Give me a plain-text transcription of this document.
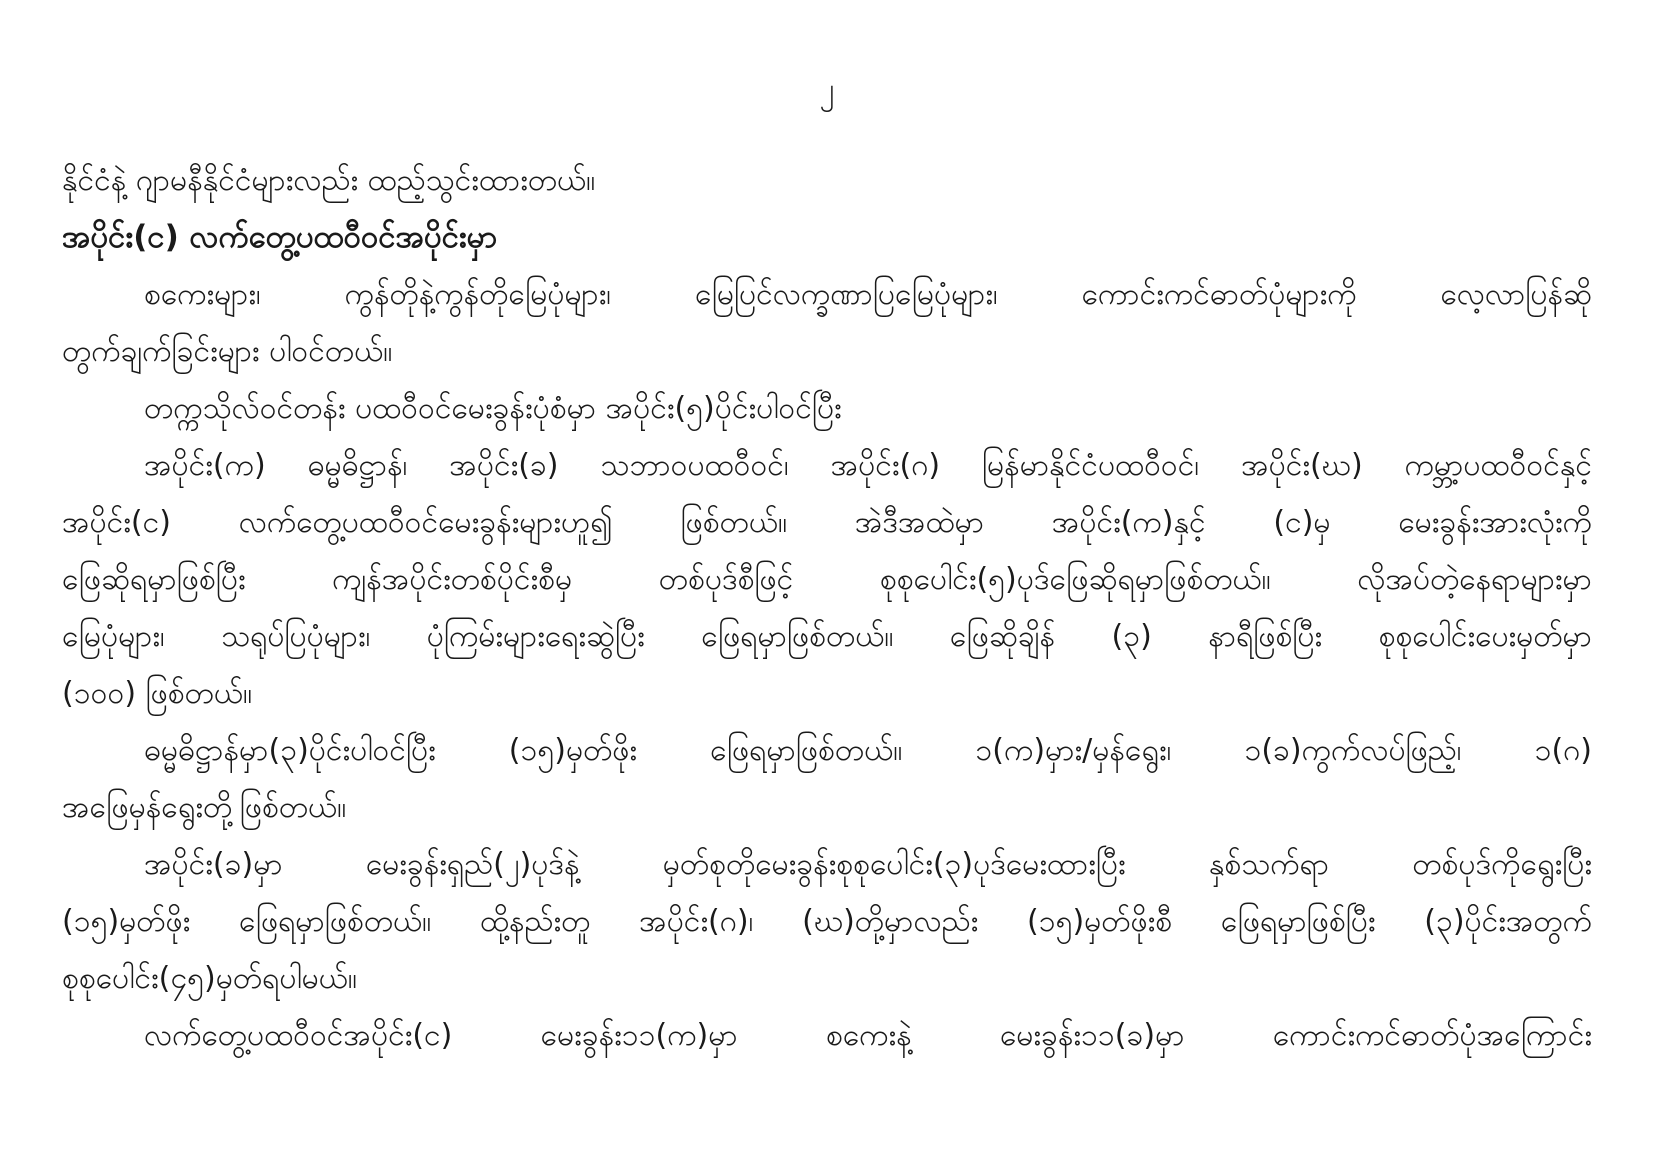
၂
နိုင်ငံနဲ့ ဂျာမနီနိုင်ငံများလည်း ထည့်သွင်းထားတယ်။
အပိုင်း(င) လက်တွေ့ပထဝီဝင်အပိုင်းမှာ
စကေးများ၊ ကွန်တိုနဲ့ကွန်တိုမြေပုံများ၊ မြေပြင်လက္ခဏာပြမြေပုံများ၊ ကောင်းကင်ဓာတ်ပုံများကို လေ့လာပြန်ဆို
တွက်ချက်ခြင်းများ ပါဝင်တယ်။
တက္ကသိုလ်ဝင်တန်း ပထဝီဝင်မေးခွန်းပုံစံမှာ အပိုင်း(၅)ပိုင်းပါဝင်ပြီး
အပိုင်း(က) ဓမ္မဓိဋ္ဌာန်၊ အပိုင်း(ခ) သဘာဝပထဝီဝင်၊ အပိုင်း(ဂ) မြန်မာနိုင်ငံပထဝီဝင်၊ အပိုင်း(ဃ) ကမ္ဘာ့ပထဝီဝင်နှင့်
အပိုင်း(င) လက်တွေ့ပထဝီဝင်မေးခွန်းများဟူ၍ ဖြစ်တယ်။ အဲဒီအထဲမှာ အပိုင်း(က)နှင့် (င)မှ မေးခွန်းအားလုံးကို
ဖြေဆိုရမှာဖြစ်ပြီး ကျန်အပိုင်းတစ်ပိုင်းစီမှ တစ်ပုဒ်စီဖြင့် စုစုပေါင်း(၅)ပုဒ်ဖြေဆိုရမှာဖြစ်တယ်။ လိုအပ်တဲ့နေရာများမှာ
မြေပုံများ၊ သရုပ်ပြပုံများ၊ ပုံကြမ်းများရေးဆွဲပြီး ဖြေရမှာဖြစ်တယ်။ ဖြေဆိုချိန် (၃) နာရီဖြစ်ပြီး စုစုပေါင်းပေးမှတ်မှာ
(၁၀၀) ဖြစ်တယ်။
ဓမ္မဓိဋ္ဌာန်မှာ(၃)ပိုင်းပါဝင်ပြီး (၁၅)မှတ်ဖိုး ဖြေရမှာဖြစ်တယ်။ ၁(က)မှား/မှန်ရွေး၊ ၁(ခ)ကွက်လပ်ဖြည့်၊ ၁(ဂ)
အဖြေမှန်ရွေးတို့ဖြစ်တယ်။
အပိုင်း(ခ)မှာ မေးခွန်းရှည်(၂)ပုဒ်နဲ့ မှတ်စုတိုမေးခွန်းစုစုပေါင်း(၃)ပုဒ်မေးထားပြီး နှစ်သက်ရာ တစ်ပုဒ်ကိုရွေးပြီး
(၁၅)မှတ်ဖိုး ဖြေရမှာဖြစ်တယ်။ ထို့နည်းတူ အပိုင်း(ဂ)၊ (ဃ)တို့မှာလည်း (၁၅)မှတ်ဖိုးစီ ဖြေရမှာဖြစ်ပြီး (၃)ပိုင်းအတွက်
စုစုပေါင်း(၄၅)မှတ်ရပါမယ်။
လက်တွေ့ပထဝီဝင်အပိုင်း(င) မေးခွန်း၁၁(က)မှာ စကေးနဲ့ မေးခွန်း၁၁(ခ)မှာ ကောင်းကင်ဓာတ်ပုံအကြောင်း
